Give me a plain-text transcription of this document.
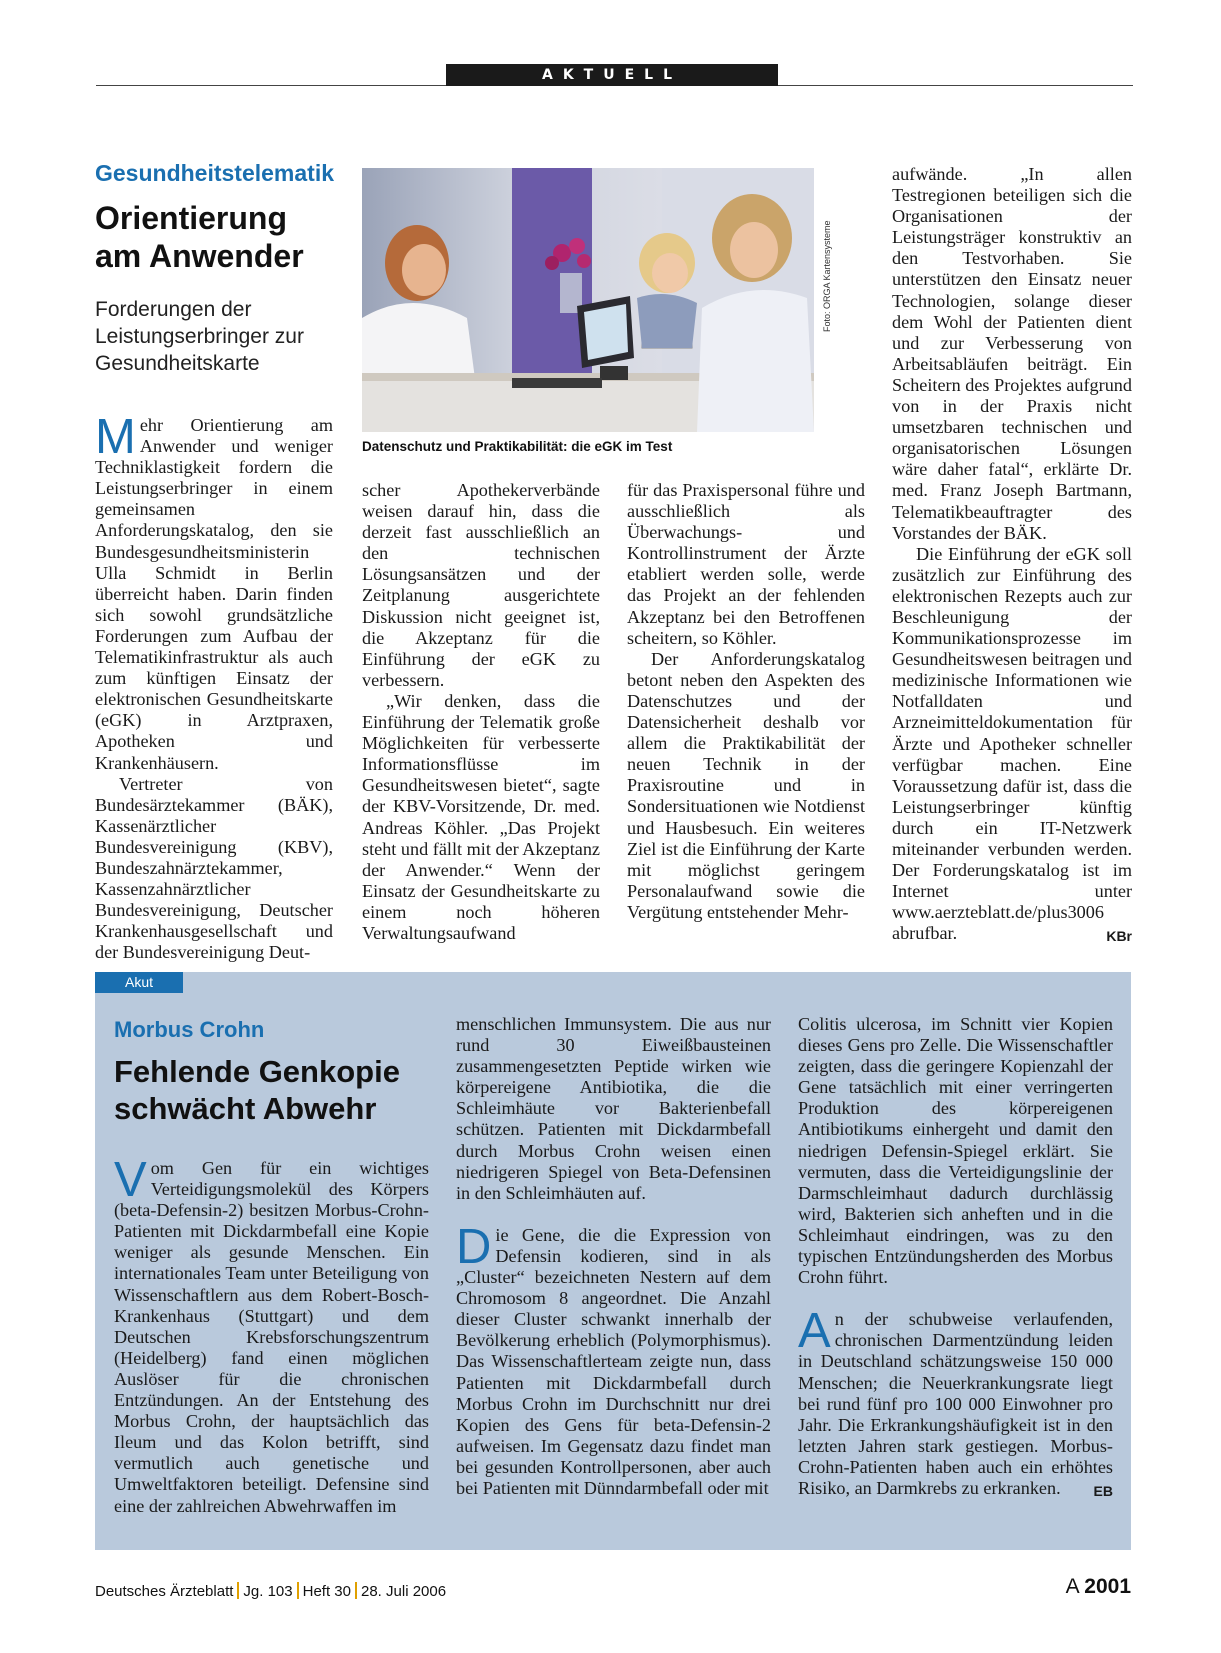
AKTUELL
Gesundheitstelematik
Orientierung
am Anwender
Forderungen der
Leistungserbringer zur
Gesundheitskarte
Foto: ORGA Kartensysteme
Datenschutz und Praktikabilität: die eGK im Test

Mehr Orientierung am Anwender und weniger Techniklastigkeit fordern die Leistungserbringer in einem gemeinsamen Anforderungskatalog, den sie Bundesgesundheitsministerin Ulla Schmidt in Berlin überreicht haben. Darin finden sich sowohl grundsätzliche Forderungen zum Aufbau der Telematikinfrastruktur als auch zum künftigen Einsatz der elektronischen Gesundheitskarte (eGK) in Arztpraxen, Apotheken und Krankenhäusern.

Vertreter von Bundesärztekammer (BÄK), Kassenärztlicher Bundesvereinigung (KBV), Bundeszahnärztekammer, Kassenzahnärztlicher Bundesvereinigung, Deutscher Krankenhausgesellschaft und der Bundesvereinigung Deut-

scher Apothekerverbände weisen darauf hin, dass die derzeit fast ausschließlich an den technischen Lösungsansätzen und der Zeitplanung ausgerichtete Diskussion nicht geeignet ist, die Akzeptanz für die Einführung der eGK zu verbessern.

„Wir denken, dass die Einführung der Telematik große Möglichkeiten für verbesserte Informationsflüsse im Gesundheitswesen bietet“, sagte der KBV-Vorsitzende, Dr. med. Andreas Köhler. „Das Projekt steht und fällt mit der Akzeptanz der Anwender.“ Wenn der Einsatz der Gesundheitskarte zu einem noch höheren Verwaltungsaufwand

für das Praxispersonal führe und ausschließlich als Überwachungs- und Kontrollinstrument der Ärzte etabliert werden solle, werde das Projekt an der fehlenden Akzeptanz bei den Betroffenen scheitern, so Köhler.

Der Anforderungskatalog betont neben den Aspekten des Datenschutzes und der Datensicherheit deshalb vor allem die Praktikabilität der neuen Technik in der Praxisroutine und in Sondersituationen wie Notdienst und Hausbesuch. Ein weiteres Ziel ist die Einführung der Karte mit möglichst geringem Personalaufwand sowie die Vergütung entstehender Mehr-

aufwände. „In allen Testregionen beteiligen sich die Organisationen der Leistungsträger konstruktiv an den Testvorhaben. Sie unterstützen den Einsatz neuer Technologien, solange dieser dem Wohl der Patienten dient und zur Verbesserung von Arbeitsabläufen beiträgt. Ein Scheitern des Projektes aufgrund von in der Praxis nicht umsetzbaren technischen und organisatorischen Lösungen wäre daher fatal“, erklärte Dr. med. Franz Joseph Bartmann, Telematikbeauftragter des Vorstandes der BÄK.

Die Einführung der eGK soll zusätzlich zur Einführung des elektronischen Rezepts auch zur Beschleunigung der Kommunikationsprozesse im Gesundheitswesen beitragen und medizinische Informationen wie Notfalldaten und Arzneimitteldokumentation für Ärzte und Apotheker schneller verfügbar machen. Eine Voraussetzung dafür ist, dass die Leistungserbringer künftig durch ein IT-Netzwerk miteinander verbunden werden. Der Forderungskatalog ist im Internet unter www.aerzteblatt.de/plus3006 abrufbar.	KBr

Akut
Morbus Crohn
Fehlende Genkopie
schwächt Abwehr

Vom Gen für ein wichtiges Verteidigungsmolekül des Körpers (beta-Defensin-2) besitzen Morbus-Crohn-Patienten mit Dickdarmbefall eine Kopie weniger als gesunde Menschen. Ein internationales Team unter Beteiligung von Wissenschaftlern aus dem Robert-Bosch-Krankenhaus (Stuttgart) und dem Deutschen Krebsforschungszentrum (Heidelberg) fand einen möglichen Auslöser für die chronischen Entzündungen. An der Entstehung des Morbus Crohn, der hauptsächlich das Ileum und das Kolon betrifft, sind vermutlich auch genetische und Umweltfaktoren beteiligt. Defensine sind eine der zahlreichen Abwehrwaffen im

menschlichen Immunsystem. Die aus nur rund 30 Eiweißbausteinen zusammengesetzten Peptide wirken wie körpereigene Antibiotika, die die Schleimhäute vor Bakterienbefall schützen. Patienten mit Dickdarmbefall durch Morbus Crohn weisen einen niedrigeren Spiegel von Beta-Defensinen in den Schleimhäuten auf.

Die Gene, die die Expression von Defensin kodieren, sind in als „Cluster“ bezeichneten Nestern auf dem Chromosom 8 angeordnet. Die Anzahl dieser Cluster schwankt innerhalb der Bevölkerung erheblich (Polymorphismus). Das Wissenschaftlerteam zeigte nun, dass Patienten mit Dickdarmbefall durch Morbus Crohn im Durchschnitt nur drei Kopien des Gens für beta-Defensin-2 aufweisen. Im Gegensatz dazu findet man bei gesunden Kontrollpersonen, aber auch bei Patienten mit Dünndarmbefall oder mit

Colitis ulcerosa, im Schnitt vier Kopien dieses Gens pro Zelle. Die Wissenschaftler zeigten, dass die geringere Kopienzahl der Gene tatsächlich mit einer verringerten Produktion des körpereigenen Antibiotikums einhergeht und damit den niedrigen Defensin-Spiegel erklärt. Sie vermuten, dass die Verteidigungslinie der Darmschleimhaut dadurch durchlässig wird, Bakterien sich anheften und in die Schleimhaut eindringen, was zu den typischen Entzündungsherden des Morbus Crohn führt.

An der schubweise verlaufenden, chronischen Darmentzündung leiden in Deutschland schätzungsweise 150 000 Menschen; die Neuerkrankungsrate liegt bei rund fünf pro 100 000 Einwohner pro Jahr. Die Erkrankungshäufigkeit ist in den letzten Jahren stark gestiegen. Morbus-Crohn-Patienten haben auch ein erhöhtes Risiko, an Darmkrebs zu erkranken. EB

Deutsches Ärzteblatt Jg. 103 Heft 30 28. Juli 2006	A 2001
